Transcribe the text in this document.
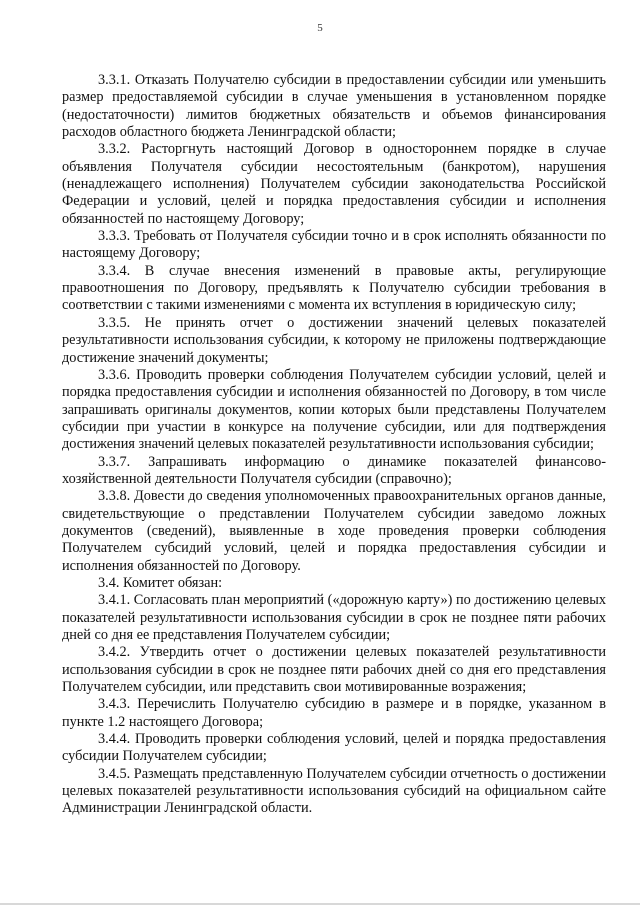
5

3.3.1. Отказать Получателю субсидии в предоставлении субсидии или уменьшить размер предоставляемой субсидии в случае уменьшения в установленном порядке (недостаточности) лимитов бюджетных обязательств и объемов финансирования расходов областного бюджета Ленинградской области;

3.3.2. Расторгнуть настоящий Договор в одностороннем порядке в случае объявления Получателя субсидии несостоятельным (банкротом), нарушения (ненадлежащего исполнения) Получателем субсидии законодательства Российской Федерации и условий, целей и порядка предоставления субсидии и исполнения обязанностей по настоящему Договору;

3.3.3. Требовать от Получателя субсидии точно и в срок исполнять обязанности по настоящему Договору;

3.3.4. В случае внесения изменений в правовые акты, регулирующие правоотношения по Договору, предъявлять к Получателю субсидии требования в соответствии с такими изменениями с момента их вступления в юридическую силу;

3.3.5. Не принять отчет о достижении значений целевых показателей результативности использования субсидии, к которому не приложены подтверждающие достижение значений документы;

3.3.6. Проводить проверки соблюдения Получателем субсидии условий, целей и порядка предоставления субсидии и исполнения обязанностей по Договору, в том числе запрашивать оригиналы документов, копии которых были представлены Получателем субсидии при участии в конкурсе на получение субсидии, или для подтверждения достижения значений целевых показателей результативности использования субсидии;

3.3.7. Запрашивать информацию о динамике показателей финансово-хозяйственной деятельности Получателя субсидии (справочно);

3.3.8. Довести до сведения уполномоченных правоохранительных органов данные, свидетельствующие о представлении Получателем субсидии заведомо ложных документов (сведений), выявленные в ходе проведения проверки соблюдения Получателем субсидий условий, целей и порядка предоставления субсидии и исполнения обязанностей по Договору.

3.4. Комитет обязан:

3.4.1. Согласовать план мероприятий («дорожную карту») по достижению целевых показателей результативности использования субсидии в срок не позднее пяти рабочих дней со дня ее представления Получателем субсидии;

3.4.2. Утвердить отчет о достижении целевых показателей результативности использования субсидии в срок не позднее пяти рабочих дней со дня его представления Получателем субсидии, или представить свои мотивированные возражения;

3.4.3. Перечислить Получателю субсидию в размере и в порядке, указанном в пункте 1.2 настоящего Договора;

3.4.4. Проводить проверки соблюдения условий, целей и порядка предоставления субсидии Получателем субсидии;

3.4.5. Размещать представленную Получателем субсидии отчетность о достижении целевых показателей результативности использования субсидий на официальном сайте Администрации Ленинградской области.
